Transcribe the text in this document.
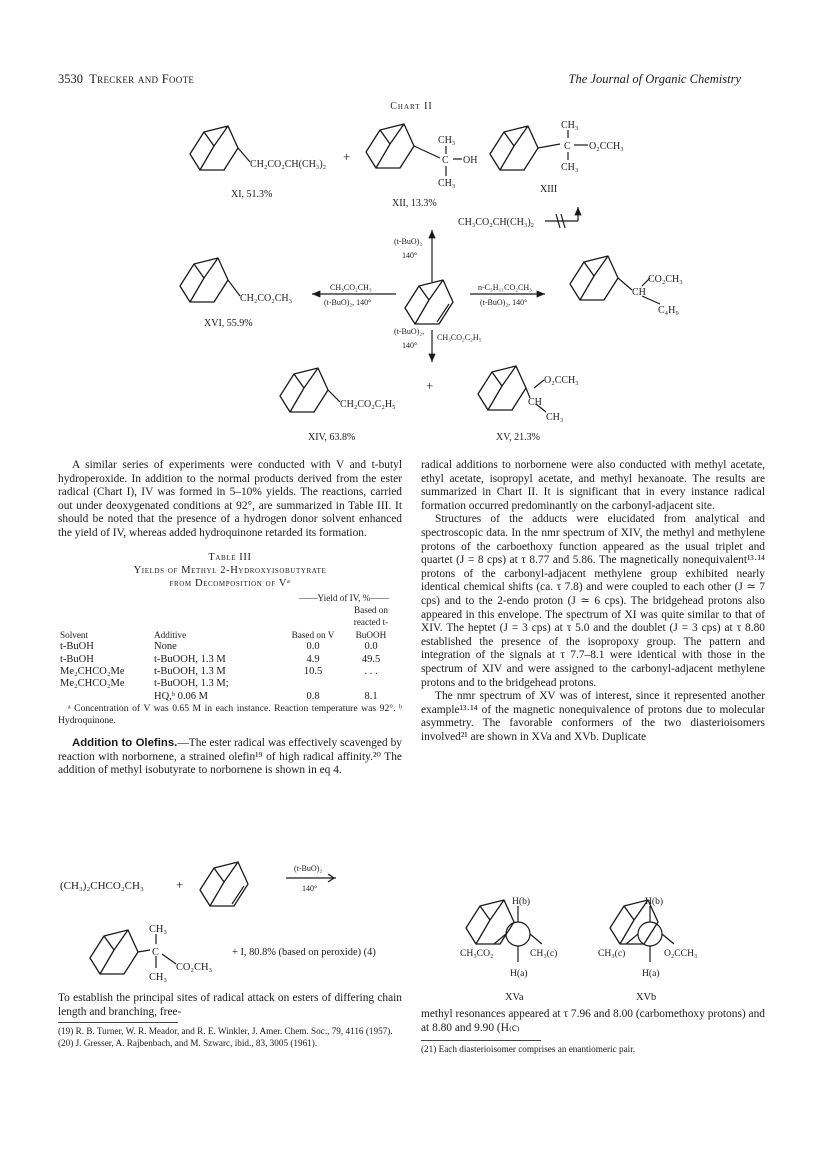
3530 Trecker and Foote	The Journal of Organic Chemistry
Chart II
CH₂CO₂CH(CH₃)₂
XI, 51.3%
+
CH₃
C OH
CH₃
XII, 13.3%
CH₃
C O₂CCH₃
CH₃
XIII
CH₃CO₂CH(CH₃)₂
(t-BuO)₂
140°
CH₃CO₂CH₃
(t-BuO)₂, 140°
n-C₅H₁₁CO₂CH₃
(t-BuO)₂, 140°
CH₂CO₂CH₃
XVI, 55.9%
CO₂CH₃
CH
C₄H₉
(t-BuO)₂,
140°
CH₃CO₂C₂H₅
CH₂CO₂C₂H₅
+	O₂CCH₃
CH
CH₃
XIV, 63.8%	XV, 21.3%

A similar series of experiments were conducted with V and t-butyl hydroperoxide. In addition to the normal products derived from the ester radical (Chart I), IV was formed in 5–10% yields. The reactions, carried out under deoxygenated conditions at 92°, are summarized in Table III. It should be noted that the presence of a hydrogen donor solvent enhanced the yield of IV, whereas added hydroquinone retarded its formation.

Table III
Yields of Methyl 2-Hydroxyisobutyrate
from Decomposition of Vᵃ
		——Yield of IV, %——	
Solvent	Additive	Based on V	Based on reacted t-BuOOH
t-BuOH	None	0.0	0.0
t-BuOH	t-BuOOH, 1.3 M	4.9	49.5
Me₂CHCO₂Me	t-BuOOH, 1.3 M	10.5	. . .
Me₂CHCO₂Me	t-BuOOH, 1.3 M;		
	HQ,ᵇ 0.06 M	0.8	8.1
ᵃ Concentration of V was 0.65 M in each instance. Reaction temperature was 92°. ᵇ Hydroquinone.

Addition to Olefins.—The ester radical was effectively scavenged by reaction with norbornene, a strained olefin¹⁹ of high radical affinity.²⁰ The addition of methyl isobutyrate to norbornene is shown in eq 4.

(CH₃)₂CHCO₂CH₃ +
(t-BuO)₂
140°
CH₃
C
CO₂CH₃
CH₃
+ I, 80.8% (based on peroxide) (4)

To establish the principal sites of radical attack on esters of differing chain length and branching, free-

(19) R. B. Turner, W. R. Meador, and R. E. Winkler, J. Amer. Chem. Soc., 79, 4116 (1957).
(20) J. Gresser, A. Rajbenbach, and M. Szwarc, ibid., 83, 3005 (1961).

radical additions to norbornene were also conducted with methyl acetate, ethyl acetate, isopropyl acetate, and methyl hexanoate. The results are summarized in Chart II. It is significant that in every instance radical formation occurred predominantly on the carbonyl-adjacent site.

Structures of the adducts were elucidated from analytical and spectroscopic data. In the nmr spectrum of XIV, the methyl and methylene protons of the carboethoxy function appeared as the usual triplet and quartet (J = 8 cps) at τ 8.77 and 5.86. The magnetically nonequivalent¹³·¹⁴ protons of the carbonyl-adjacent methylene group exhibited nearly identical chemical shifts (ca. τ 7.8) and were coupled to each other (J ≃ 7 cps) and to the 2-endo proton (J ≃ 6 cps). The bridgehead protons also appeared in this envelope. The spectrum of XI was quite similar to that of XIV. The heptet (J = 3 cps) at τ 5.0 and the doublet (J = 3 cps) at τ 8.80 established the presence of the isopropoxy group. The pattern and integration of the signals at τ 7.7–8.1 were identical with those in the spectrum of XIV and were assigned to the carbonyl-adjacent methylene protons and to the bridgehead protons.

The nmr spectrum of XV was of interest, since it represented another example¹³·¹⁴ of the magnetic nonequivalence of protons due to molecular asymmetry. The favorable conformers of the two diasterioisomers involved²¹ are shown in XVa and XVb. Duplicate

H(b)
CH₃CO₂	CH₃(c)
H(a)
XVa
H(b)
CH₃(c)	O₂CCH₃
H(a)
XVb

methyl resonances appeared at τ 7.96 and 8.00 (carbomethoxy protons) and at 8.80 and 9.90 (H₍c₎

(21) Each diasterioisomer comprises an enantiomeric pair.
